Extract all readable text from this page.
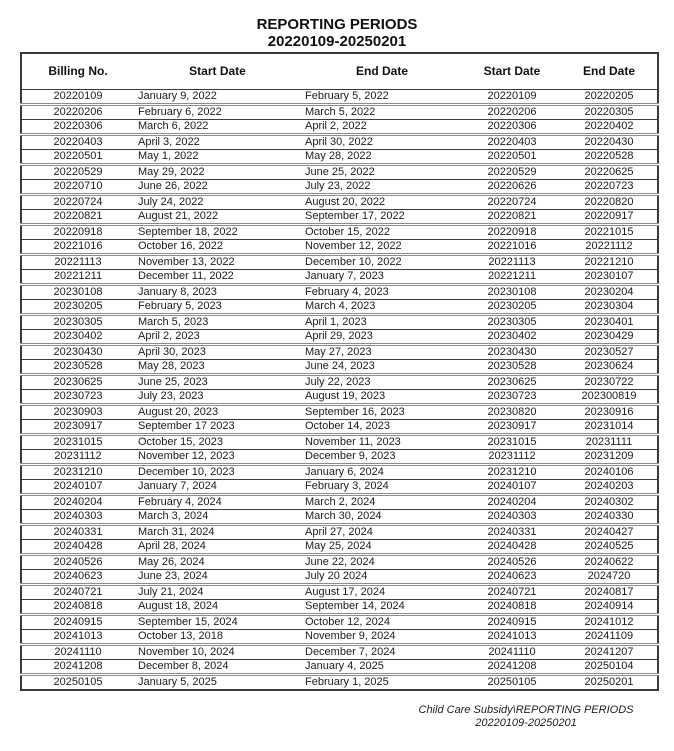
REPORTING PERIODS
20220109-20250201
Billing No.	Start Date	End Date	Start Date	End Date
20220109	January 9, 2022	February 5, 2022	20220109	20220205
20220206	February 6, 2022	March 5, 2022	20220206	20220305
20220306	March 6, 2022	April 2, 2022	20220306	20220402
20220403	April 3, 2022	April 30, 2022	20220403	20220430
20220501	May 1, 2022	May 28, 2022	20220501	20220528
20220529	May 29, 2022	June 25, 2022	20220529	20220625
20220710	June 26, 2022	July 23, 2022	20220626	20220723
20220724	July 24, 2022	August 20, 2022	20220724	20220820
20220821	August 21, 2022	September 17, 2022	20220821	20220917
20220918	September 18, 2022	October 15, 2022	20220918	20221015
20221016	October 16, 2022	November 12, 2022	20221016	20221112
20221113	November 13, 2022	December 10, 2022	20221113	20221210
20221211	December 11, 2022	January 7, 2023	20221211	20230107
20230108	January 8, 2023	February 4, 2023	20230108	20230204
20230205	February 5, 2023	March 4, 2023	20230205	20230304
20230305	March 5, 2023	April 1, 2023	20230305	20230401
20230402	April 2, 2023	April 29, 2023	20230402	20230429
20230430	April 30, 2023	May 27, 2023	20230430	20230527
20230528	May 28, 2023	June 24, 2023	20230528	20230624
20230625	June 25, 2023	July 22, 2023	20230625	20230722
20230723	July 23, 2023	August 19, 2023	20230723	202300819
20230903	August 20, 2023	September 16, 2023	20230820	20230916
20230917	September 17 2023	October 14, 2023	20230917	20231014
20231015	October 15, 2023	November 11, 2023	20231015	20231111
20231112	November 12, 2023	December 9, 2023	20231112	20231209
20231210	December 10, 2023	January 6, 2024	20231210	20240106
20240107	January 7, 2024	February 3, 2024	20240107	20240203
20240204	February 4, 2024	March 2, 2024	20240204	20240302
20240303	March 3, 2024	March 30, 2024	20240303	20240330
20240331	March 31, 2024	April 27, 2024	20240331	20240427
20240428	April 28, 2024	May 25, 2024	20240428	20240525
20240526	May 26, 2024	June 22, 2024	20240526	20240622
20240623	June 23, 2024	July 20 2024	20240623	2024720
20240721	July 21, 2024	August 17, 2024	20240721	20240817
20240818	August 18, 2024	September 14, 2024	20240818	20240914
20240915	September 15, 2024	October 12, 2024	20240915	20241012
20241013	October 13, 2018	November 9, 2024	20241013	20241109
20241110	November 10, 2024	December 7, 2024	20241110	20241207
20241208	December 8, 2024	January 4, 2025	20241208	20250104
20250105	January 5, 2025	February 1, 2025	20250105	20250201
Child Care Subsidy\REPORTING PERIODS
20220109-20250201
